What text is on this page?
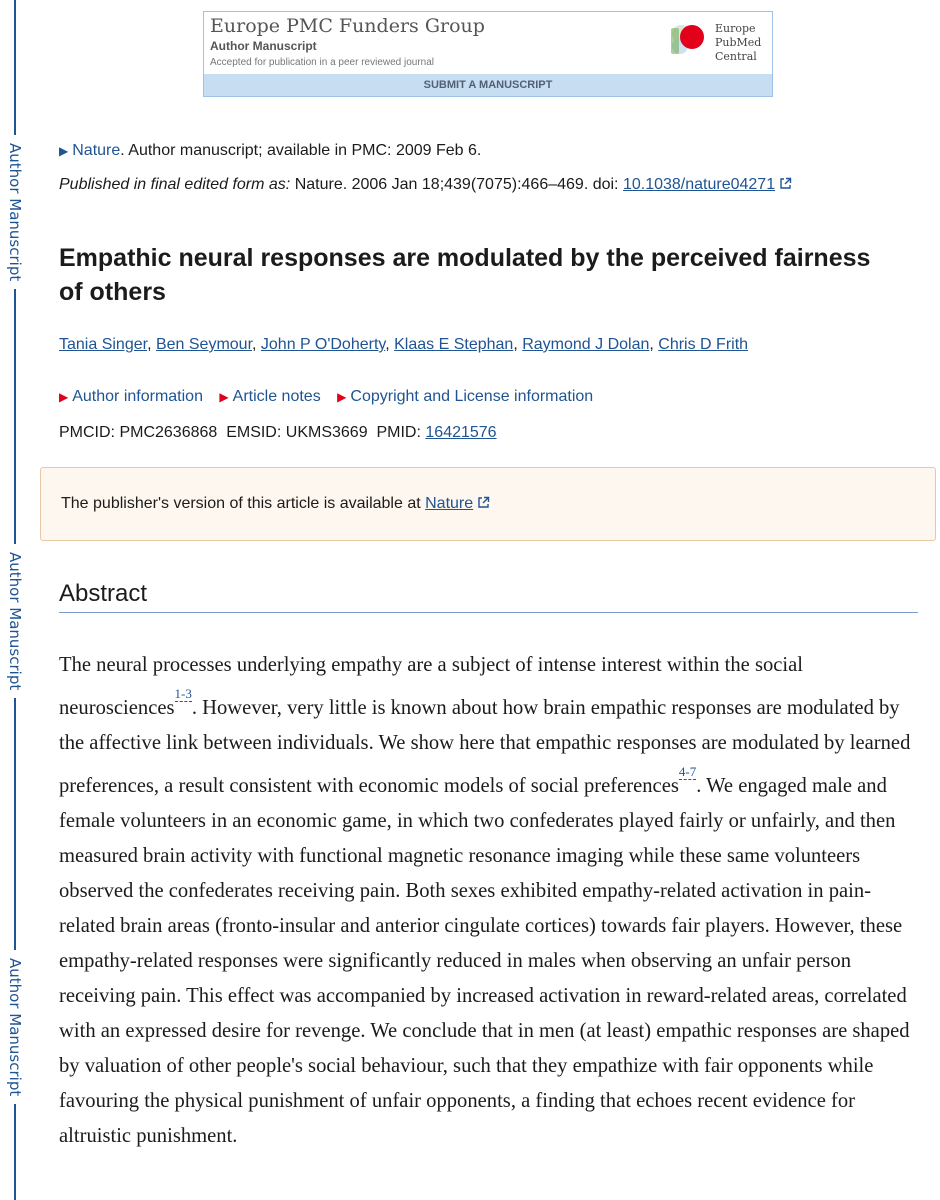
Author Manuscript
Author Manuscript
Author Manuscript
Europe PMC Funders Group
Author Manuscript
Accepted for publication in a peer reviewed journal
Europe
PubMed
Central
SUBMIT A MANUSCRIPT
▶ Nature. Author manuscript; available in PMC: 2009 Feb 6.
Published in final edited form as: Nature. 2006 Jan 18;439(7075):466–469. doi: 10.1038/nature04271
Empathic neural responses are modulated by the perceived fairness of others
Tania Singer, Ben Seymour, John P O'Doherty, Klaas E Stephan, Raymond J Dolan, Chris D Frith
▶ Author information ▶ Article notes ▶ Copyright and License information
PMCID: PMC2636868 EMSID: UKMS3669 PMID: 16421576
The publisher's version of this article is available at Nature
Abstract
The neural processes underlying empathy are a subject of intense interest within the social neurosciences$^{^{1-3}}$. However, very little is known about how brain empathic responses are modulated by the affective link between individuals. We show here that empathic responses are modulated by learned preferences, a result consistent with economic models of social preferences$^{^{4-7}}$. We engaged male and female volunteers in an economic game, in which two confederates played fairly or unfairly, and then measured brain activity with functional magnetic resonance imaging while these same volunteers observed the confederates receiving pain. Both sexes exhibited empathy-related activation in pain-related brain areas (fronto-insular and anterior cingulate cortices) towards fair players. However, these empathy-related responses were significantly reduced in males when observing an unfair person receiving pain. This effect was accompanied by increased activation in reward-related areas, correlated with an expressed desire for revenge. We conclude that in men (at least) empathic responses are shaped by valuation of other people's social behaviour, such that they empathize with fair opponents while favouring the physical punishment of unfair opponents, a finding that echoes recent evidence for altruistic punishment.
